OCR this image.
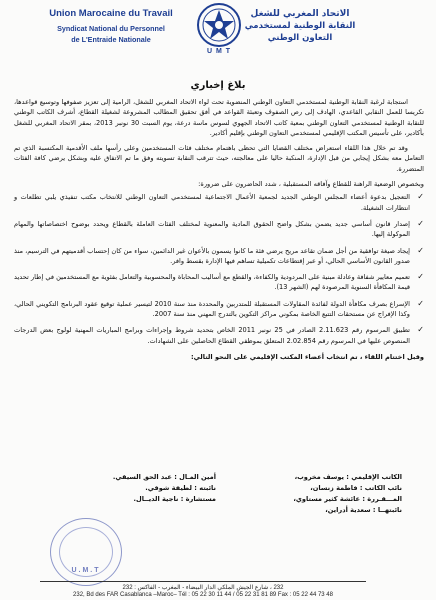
Union Marocaine du Travail
Syndicat National du Personnel
de L'Entraide Nationale
U M T
الاتحاد المغربي للشغل
النقابة الوطنية لمستخدمي
التعاون الوطني
بلاغ إخباري

استجابة لرغبة النقابة الوطنية لمستخدمي التعاون الوطني المنضوية تحت لواء الاتحاد المغربي للشغل، الرامية إلى تعزيز صفوفها وتوسيع قواعدها، تكريسا للعمل النقابي القاعدي، الهادف إلى رص الصفوف وتعبئة القواعد في أفق تحقيق المطالب المشروعة لشغيلة القطاع، أشرف الكاتب الوطني للنقابة الوطنية لمستخدمي التعاون الوطني بمعية كاتب الاتحاد الجهوي لسوس ماسة درعة، يوم السبت 30 نونبر 2013، بمقر الاتحاد المغربي للشغل بأكادير، على تأسيس المكتب الإقليمي لمستخدمي التعاون الوطني بإقليم أكادير.

وقد تم خلال هذا اللقاء استعراض مختلف القضايا التي تحظى باهتمام مختلف فئات المستخدمين وعلى رأسها ملف الأقدمية المكتسبة الذي تم التعامل معه بشكل إيجابي من قبل الإدارة، المنكبة حاليا على معالجته، حيث تترقب النقابة تسويته وفق ما تم الاتفاق عليه وبشكل يرضي كافة الفئات المتضررة.

وبخصوص الوضعية الراهنة للقطاع وآفاقه المستقبلية ، شدد الحاضرون على ضرورة:

✓
التعجيل بدعوة أعضاء المجلس الوطني الجديد لجمعية الأعمال الاجتماعية لمستخدمي التعاون الوطني للانتخاب مكتب تنفيذي يلبي تطلعات و انتظارات الشغيلة.
✓
إصدار قانون أساسي جديد يضمن بشكل واضح الحقوق المادية والمعنوية لمختلف الفئات العاملة بالقطاع ويحدد بوضوح اختصاصاتها والمهام الموكولة إليها.
✓
إيجاد صيغة توافقية من أجل ضمان تقاعد مريح يرضي فئة ما كانوا يسمون بالأعوان غير الدائمين، سواء من كان إحتساب أقدميتهم في الترسيم، منذ صدور القانون الأساسي الحالي، أو عبر إقتطاعات تكميلية تساهم فيها الإدارة بقسط وافر.
✓
تعميم معايير شفافة وعادلة مبنية على المردودية والكفاءة، والقطع مع أساليب المحاباة والمحسوبية والتعامل بفئوية مع المستخدمين في إطار تحديد قيمة المكافأة السنوية المرصودة لهم (الشهر 13).
✓
الإسراع بصرف مكافأة الدولة لفائدة المقاولات المستقبلة للمتدربين والمحددة منذ سنة 2010 لتيسير عملية توقيع عقود البرنامج التكويني الحالي، وكذا الإفراج عن مستحقات التتبع الخاصة بمكوني مراكز التكوين بالتدرج المهني منذ سنة 2007.
✓
تطبيق المرسوم رقم 2.11.623 الصادر في 25 نونبر 2011 الخاص بتحديد شروط وإجراءات وبرامج المباريات المهنية لولوج بعض الدرجات المنصوص عليها في المرسوم رقم 2.02.854 المتعلق بموظفي القطاع الحاصلين على الشهادات.

وقبل اختتام اللقاء ، تم انتخاب أعضاء المكتب الإقليمي على النحو التالي:

الكاتب الإقليمي : يوسف مخروب،
أمين المـال : عبد الحق السيقي.
نائب الكاتب : فاطمة زنسان،
نائبته : لطيفة شوقي.
المـــقـررة : عائشة كثير مستاوي،
مستشارة : ناجية الديــال.
نائبتهــا : سعدية أدراين،
U.M.T
232 ، شارع الجيش الملكي الدار البيضاء - المغرب - الفاكس : 232
232, Bd des FAR Casablanca –Maroc– Tél : 05 22 30 11 44 / 05 22 31 81 89 Fax : 05 22 44 73 48
